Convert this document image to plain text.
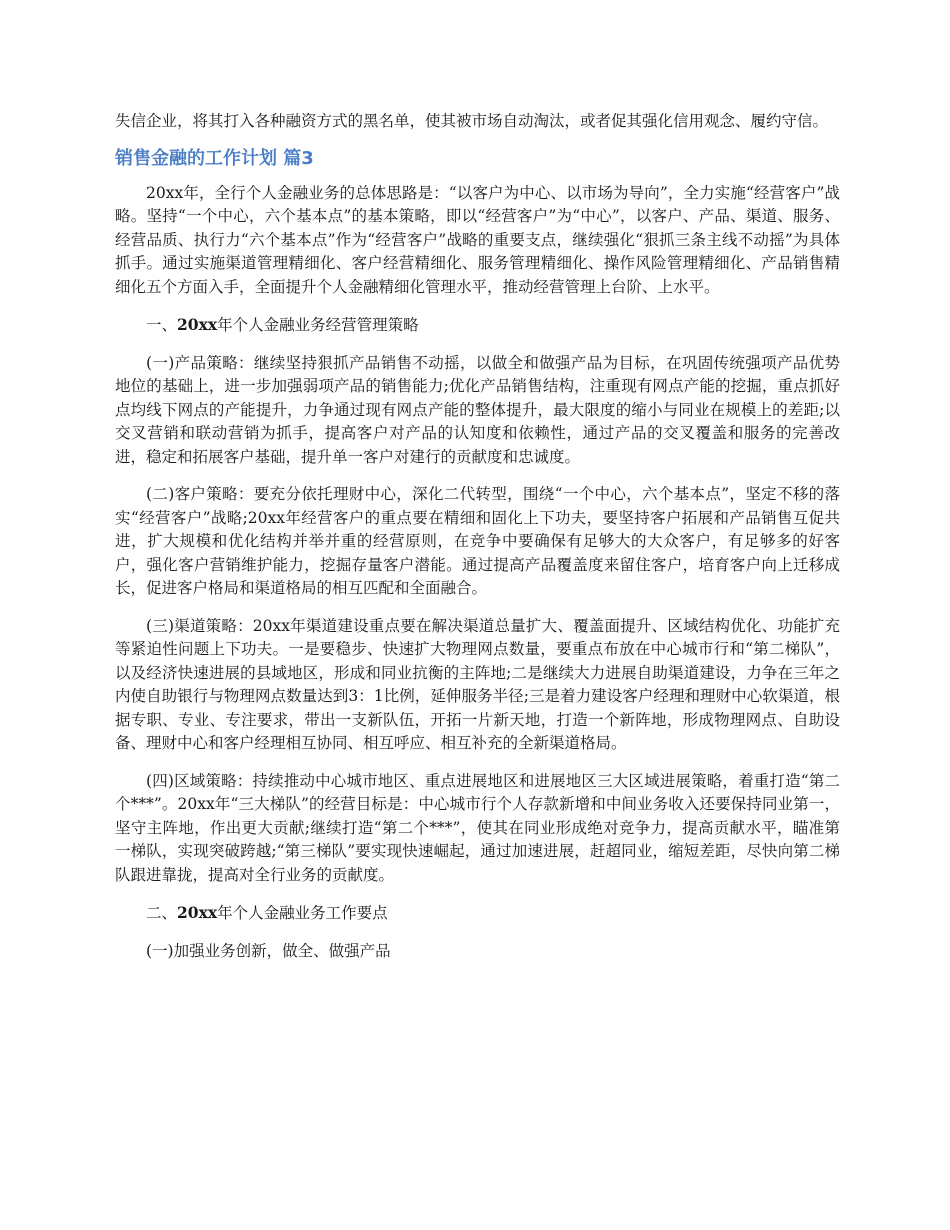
失信企业，将其打入各种融资方式的黑名单，使其被市场自动淘汰，或者促其强化信用观念、履约守信。

销售金融的工作计划 篇3

20xx年，全行个人金融业务的总体思路是：“以客户为中心、以市场为导向”，全力实施“经营客户”战略。坚持“一个中心，六个基本点”的基本策略，即以“经营客户”为“中心”，以客户、产品、渠道、服务、经营品质、执行力“六个基本点”作为“经营客户”战略的重要支点，继续强化“狠抓三条主线不动摇”为具体抓手。通过实施渠道管理精细化、客户经营精细化、服务管理精细化、操作风险管理精细化、产品销售精细化五个方面入手，全面提升个人金融精细化管理水平，推动经营管理上台阶、上水平。

一、20xx年个人金融业务经营管理策略

(一)产品策略：继续坚持狠抓产品销售不动摇，以做全和做强产品为目标，在巩固传统强项产品优势地位的基础上，进一步加强弱项产品的销售能力;优化产品销售结构，注重现有网点产能的挖掘，重点抓好点均线下网点的产能提升，力争通过现有网点产能的整体提升，最大限度的缩小与同业在规模上的差距;以交叉营销和联动营销为抓手，提高客户对产品的认知度和依赖性，通过产品的交叉覆盖和服务的完善改进，稳定和拓展客户基础，提升单一客户对建行的贡献度和忠诚度。

(二)客户策略：要充分依托理财中心，深化二代转型，围绕“一个中心，六个基本点”，坚定不移的落实“经营客户”战略;20xx年经营客户的重点要在精细和固化上下功夫，要坚持客户拓展和产品销售互促共进，扩大规模和优化结构并举并重的经营原则，在竞争中要确保有足够大的大众客户，有足够多的好客户，强化客户营销维护能力，挖掘存量客户潜能。通过提高产品覆盖度来留住客户，培育客户向上迁移成长，促进客户格局和渠道格局的相互匹配和全面融合。

(三)渠道策略：20xx年渠道建设重点要在解决渠道总量扩大、覆盖面提升、区域结构优化、功能扩充等紧迫性问题上下功夫。一是要稳步、快速扩大物理网点数量，要重点布放在中心城市行和“第二梯队”，以及经济快速进展的县域地区，形成和同业抗衡的主阵地;二是继续大力进展自助渠道建设，力争在三年之内使自助银行与物理网点数量达到3：1比例，延伸服务半径;三是着力建设客户经理和理财中心软渠道，根据专职、专业、专注要求，带出一支新队伍，开拓一片新天地，打造一个新阵地，形成物理网点、自助设备、理财中心和客户经理相互协同、相互呼应、相互补充的全新渠道格局。

(四)区域策略：持续推动中心城市地区、重点进展地区和进展地区三大区域进展策略，着重打造“第二个***”。20xx年“三大梯队”的经营目标是：中心城市行个人存款新增和中间业务收入还要保持同业第一，坚守主阵地，作出更大贡献;继续打造“第二个***”，使其在同业形成绝对竞争力，提高贡献水平，瞄准第一梯队，实现突破跨越;“第三梯队”要实现快速崛起，通过加速进展，赶超同业，缩短差距，尽快向第二梯队跟进靠拢，提高对全行业务的贡献度。

二、20xx年个人金融业务工作要点

(一)加强业务创新，做全、做强产品
